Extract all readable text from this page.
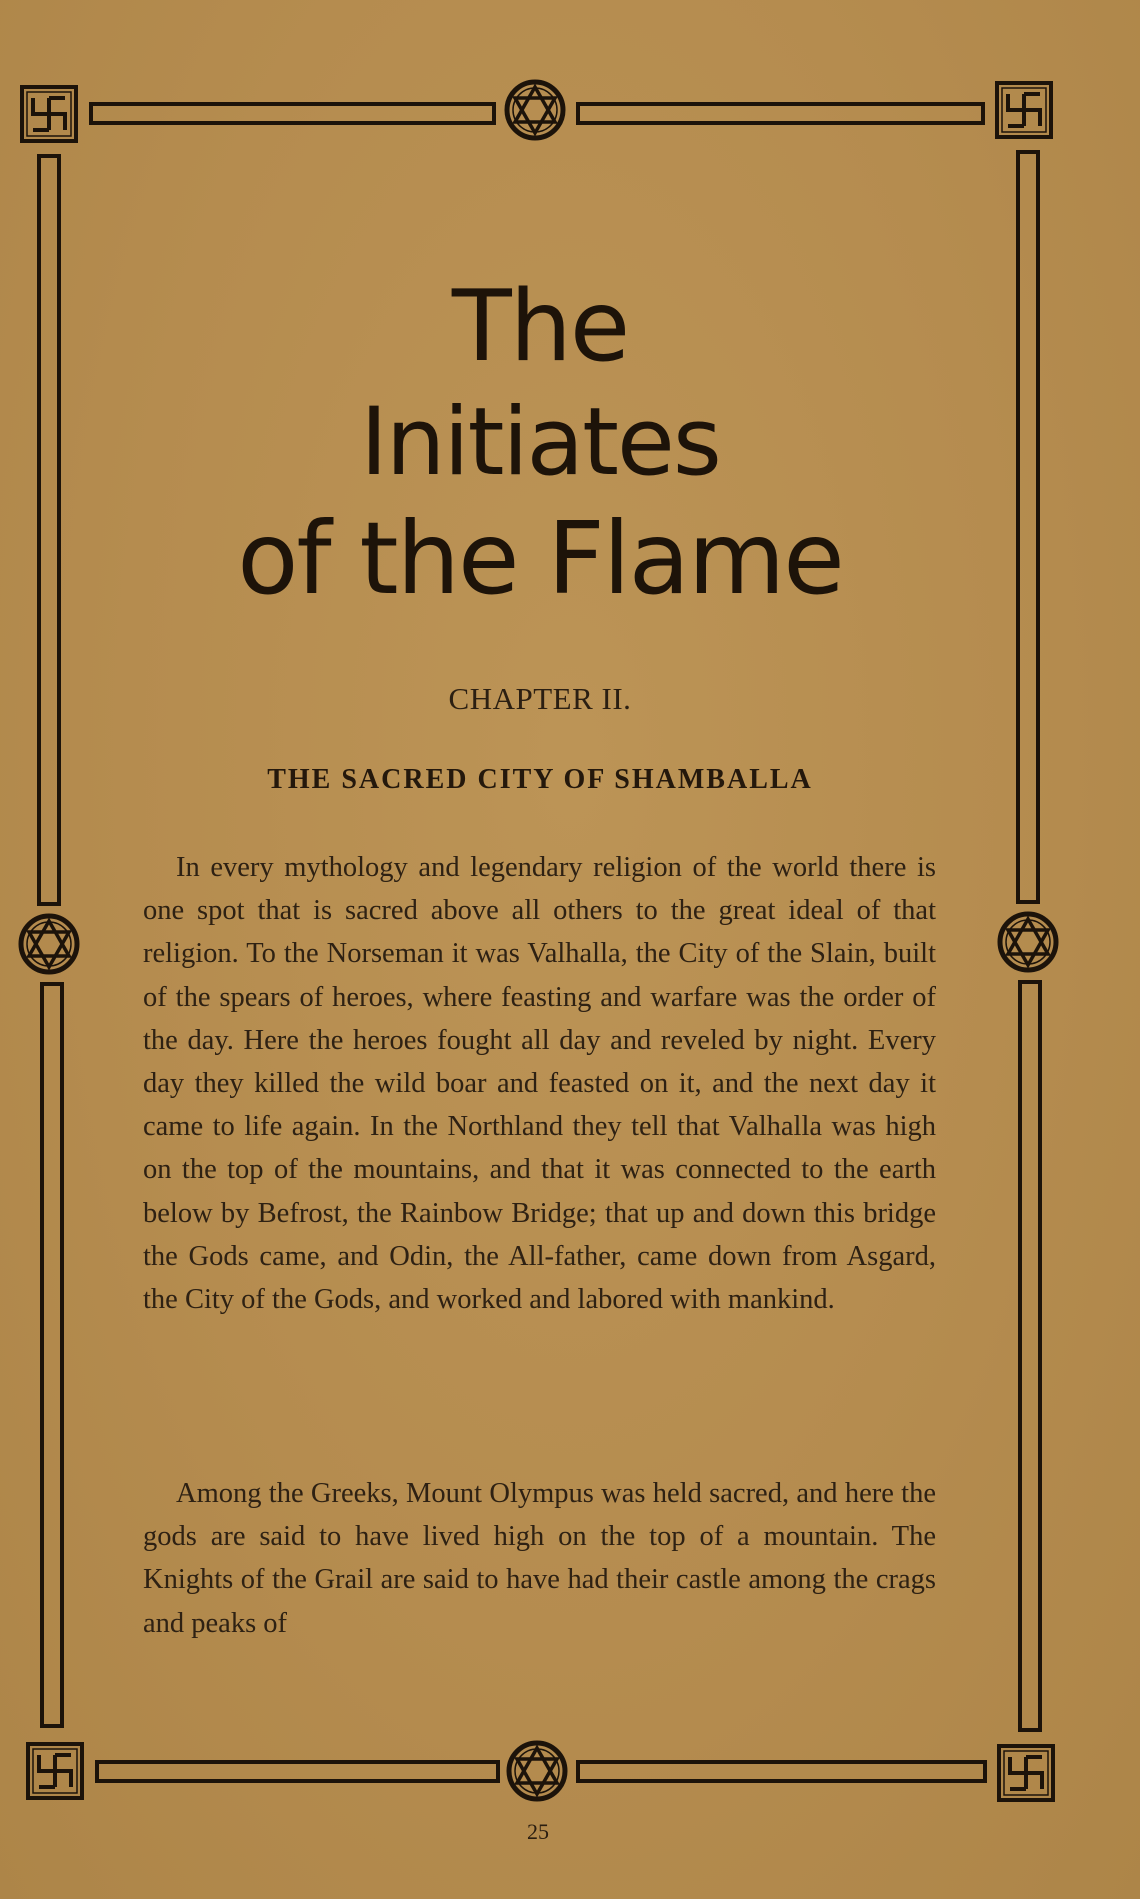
The
Initiates
of the Flame
CHAPTER II.
THE SACRED CITY OF SHAMBALLA

In every mythology and legendary religion of the world there is one spot that is sacred above all others to the great ideal of that religion. To the Norseman it was Valhalla, the City of the Slain, built of the spears of heroes, where feasting and warfare was the order of the day. Here the heroes fought all day and reveled by night. Every day they killed the wild boar and feasted on it, and the next day it came to life again. In the Northland they tell that Valhalla was high on the top of the mountains, and that it was connected to the earth below by Befrost, the Rainbow Bridge; that up and down this bridge the Gods came, and Odin, the All-father, came down from Asgard, the City of the Gods, and worked and labored with mankind.

Among the Greeks, Mount Olympus was held sacred, and here the gods are said to have lived high on the top of a mountain. The Knights of the Grail are said to have had their castle among the crags and peaks of

25
